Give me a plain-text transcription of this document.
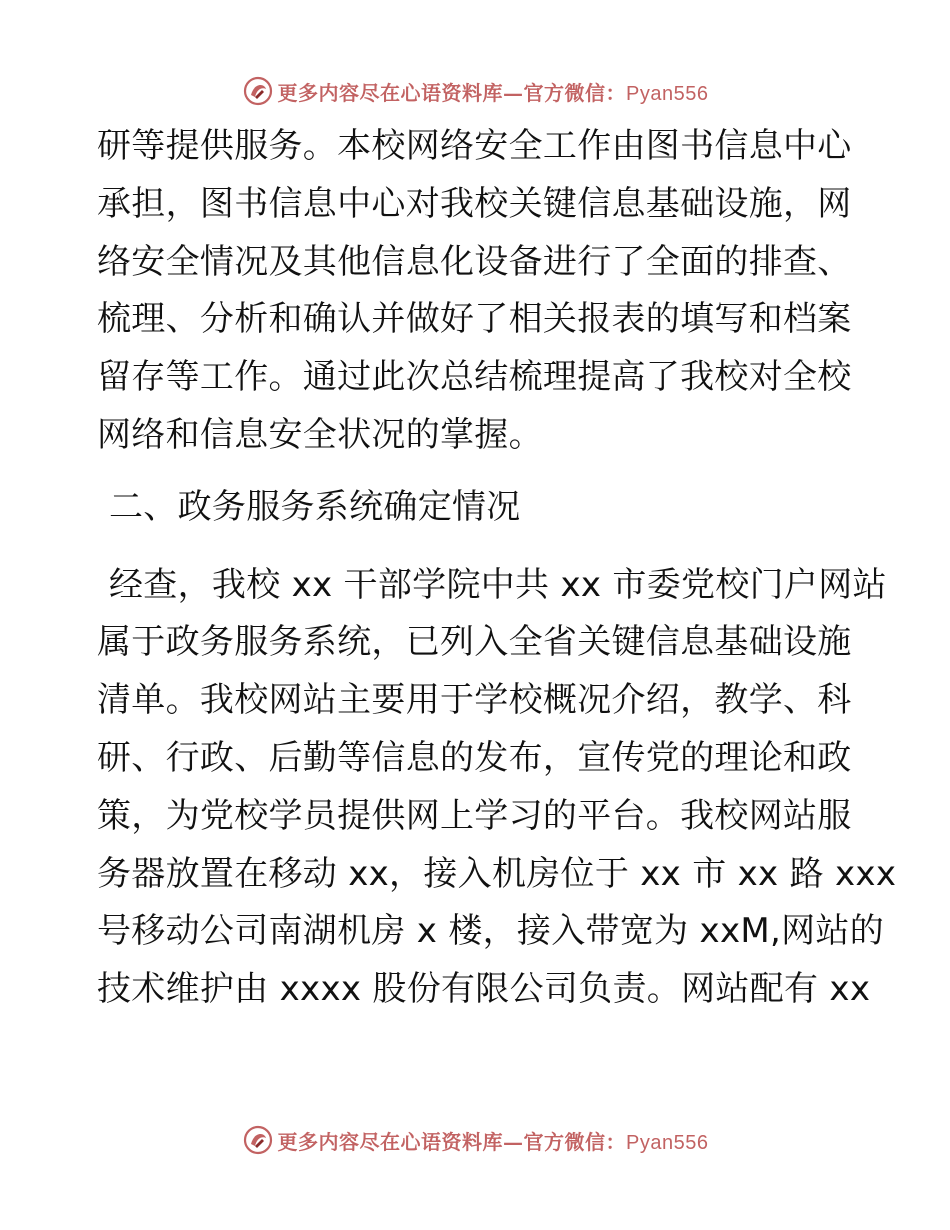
更多内容尽在心语资料库—官方微信：Pyan556
研等提供服务。本校网络安全工作由图书信息中心
承担，图书信息中心对我校关键信息基础设施，网
络安全情况及其他信息化设备进行了全面的排查、
梳理、分析和确认并做好了相关报表的填写和档案
留存等工作。通过此次总结梳理提高了我校对全校
网络和信息安全状况的掌握。
二、政务服务系统确定情况
经查，我校 xx 干部学院中共 xx 市委党校门户网站
属于政务服务系统，已列入全省关键信息基础设施
清单。我校网站主要用于学校概况介绍，教学、科
研、行政、后勤等信息的发布，宣传党的理论和政
策，为党校学员提供网上学习的平台。我校网站服
务器放置在移动 xx，接入机房位于 xx 市 xx 路 xxx
号移动公司南湖机房 x 楼，接入带宽为 xxM,网站的
技术维护由 xxxx 股份有限公司负责。网站配有 xx
更多内容尽在心语资料库—官方微信：Pyan556
